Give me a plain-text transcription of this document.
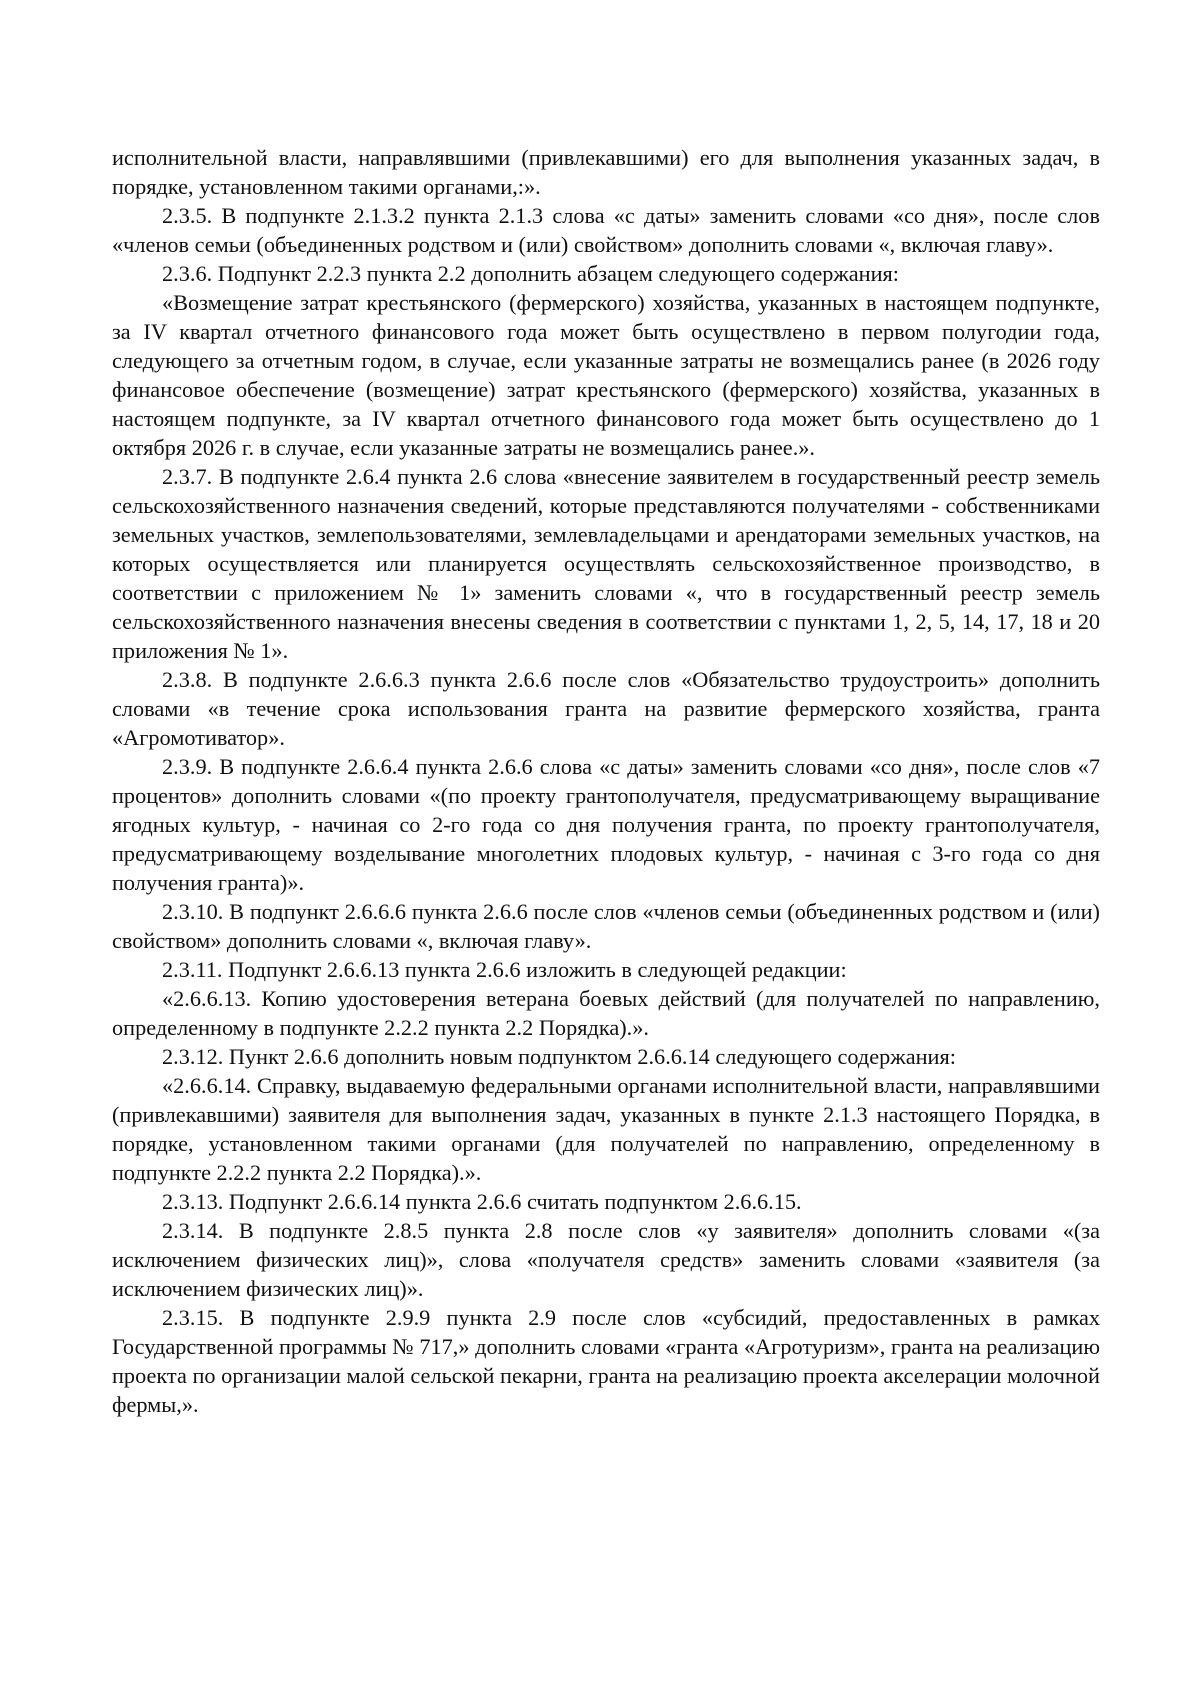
исполнительной власти, направлявшими (привлекавшими) его для выполнения указанных задач, в порядке, установленном такими органами,:».

2.3.5. В подпункте 2.1.3.2 пункта 2.1.3 слова «с даты» заменить словами «со дня», после слов «членов семьи (объединенных родством и (или) свойством» дополнить словами «, включая главу».

2.3.6. Подпункт 2.2.3 пункта 2.2 дополнить абзацем следующего содержания:

«Возмещение затрат крестьянского (фермерского) хозяйства, указанных в настоящем подпункте, за IV квартал отчетного финансового года может быть осуществлено в первом полугодии года, следующего за отчетным годом, в случае, если указанные затраты не возмещались ранее (в 2026 году финансовое обеспечение (возмещение) затрат крестьянского (фермерского) хозяйства, указанных в настоящем подпункте, за IV квартал отчетного финансового года может быть осуществлено до 1 октября 2026 г. в случае, если указанные затраты не возмещались ранее.».

2.3.7. В подпункте 2.6.4 пункта 2.6 слова «внесение заявителем в государственный реестр земель сельскохозяйственного назначения сведений, которые представляются получателями - собственниками земельных участков, землепользователями, землевладельцами и арендаторами земельных участков, на которых осуществляется или планируется осуществлять сельскохозяйственное производство, в соответствии с приложением № 1» заменить словами «, что в государственный реестр земель сельскохозяйственного назначения внесены сведения в соответствии с пунктами 1, 2, 5, 14, 17, 18 и 20 приложения № 1».

2.3.8. В подпункте 2.6.6.3 пункта 2.6.6 после слов «Обязательство трудоустроить» дополнить словами «в течение срока использования гранта на развитие фермерского хозяйства, гранта «Агромотиватор».

2.3.9. В подпункте 2.6.6.4 пункта 2.6.6 слова «с даты» заменить словами «со дня», после слов «7 процентов» дополнить словами «(по проекту грантополучателя, предусматривающему выращивание ягодных культур, - начиная со 2-го года со дня получения гранта, по проекту грантополучателя, предусматривающему возделывание многолетних плодовых культур, - начиная с 3-го года со дня получения гранта)».

2.3.10. В подпункт 2.6.6.6 пункта 2.6.6 после слов «членов семьи (объединенных родством и (или) свойством» дополнить словами «, включая главу».

2.3.11. Подпункт 2.6.6.13 пункта 2.6.6 изложить в следующей редакции:

«2.6.6.13. Копию удостоверения ветерана боевых действий (для получателей по направлению, определенному в подпункте 2.2.2 пункта 2.2 Порядка).».

2.3.12. Пункт 2.6.6 дополнить новым подпунктом 2.6.6.14 следующего содержания:

«2.6.6.14. Справку, выдаваемую федеральными органами исполнительной власти, направлявшими (привлекавшими) заявителя для выполнения задач, указанных в пункте 2.1.3 настоящего Порядка, в порядке, установленном такими органами (для получателей по направлению, определенному в подпункте 2.2.2 пункта 2.2 Порядка).».

2.3.13. Подпункт 2.6.6.14 пункта 2.6.6 считать подпунктом 2.6.6.15.

2.3.14. В подпункте 2.8.5 пункта 2.8 после слов «у заявителя» дополнить словами «(за исключением физических лиц)», слова «получателя средств» заменить словами «заявителя (за исключением физических лиц)».

2.3.15. В подпункте 2.9.9 пункта 2.9 после слов «субсидий, предоставленных в рамках Государственной программы № 717,» дополнить словами «гранта «Агротуризм», гранта на реализацию проекта по организации малой сельской пекарни, гранта на реализацию проекта акселерации молочной фермы,».
